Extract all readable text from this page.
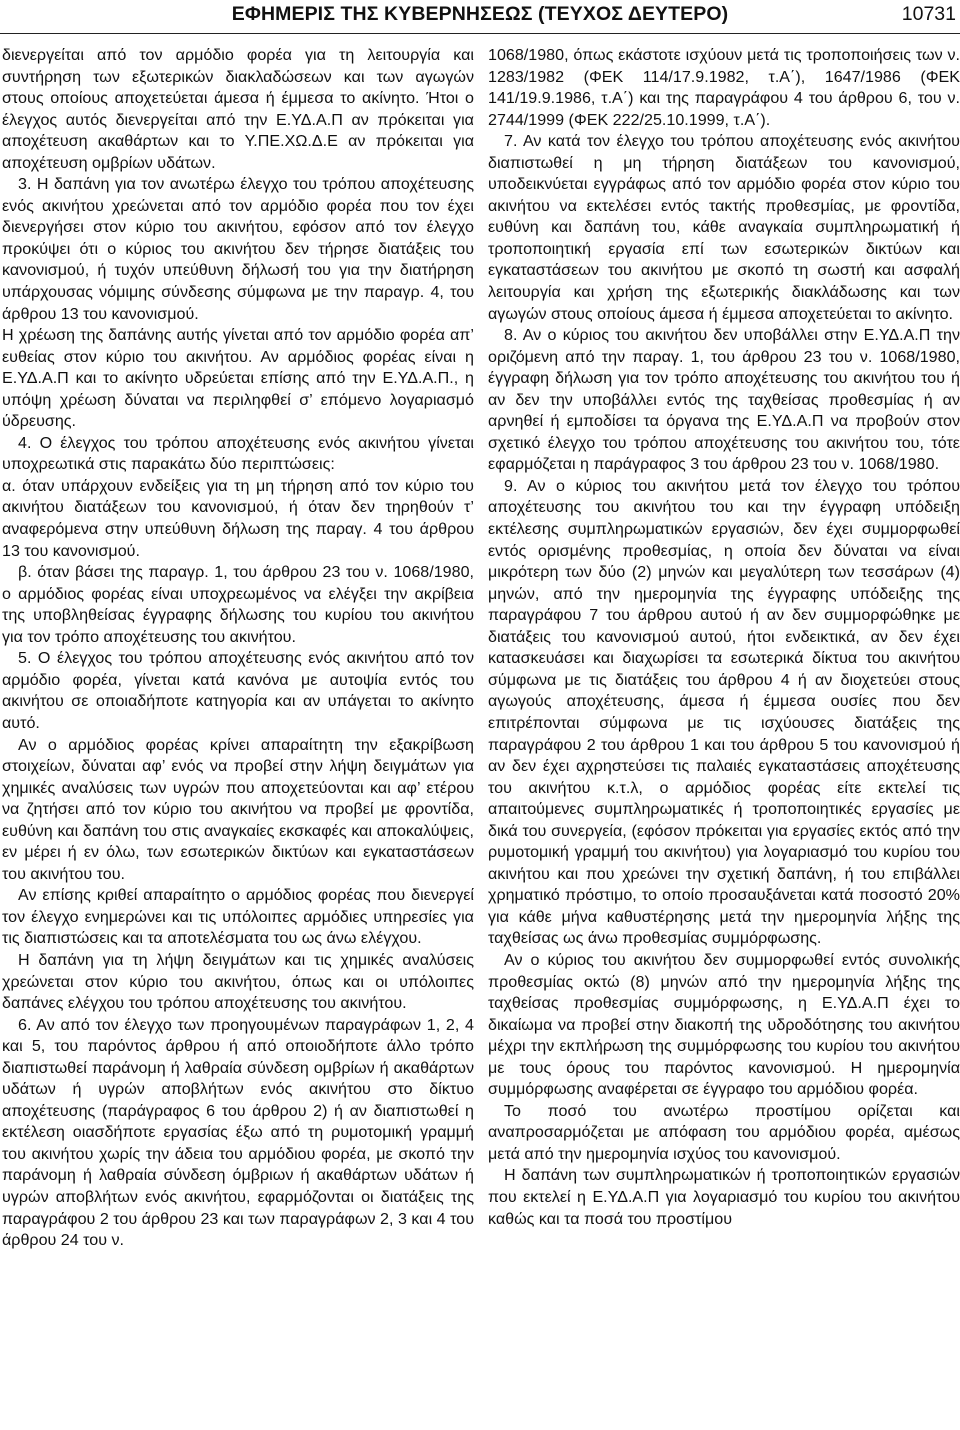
ΕΦΗΜΕΡΙΣ ΤΗΣ ΚΥΒΕΡΝΗΣΕΩΣ (ΤΕΥΧΟΣ ΔΕΥΤΕΡΟ)	10731

διενεργείται από τον αρμόδιο φορέα για τη λειτουργία και συντήρηση των εξωτερικών διακλαδώσεων και των αγωγών στους οποίους αποχετεύεται άμεσα ή έμμεσα το ακίνητο. Ήτοι ο έλεγχος αυτός διενεργείται από την Ε.ΥΔ.Α.Π αν πρόκειται για αποχέτευση ακαθάρτων και το Υ.ΠΕ.ΧΩ.Δ.Ε αν πρόκειται για αποχέτευση ομβρίων υδάτων.

3. Η δαπάνη για τον ανωτέρω έλεγχο του τρόπου αποχέτευσης ενός ακινήτου χρεώνεται από τον αρμόδιο φορέα που τον έχει διενεργήσει στον κύριο του ακινήτου, εφόσον από τον έλεγχο προκύψει ότι ο κύριος του ακινήτου δεν τήρησε διατάξεις του κανονισμού, ή τυχόν υπεύθυνη δήλωσή του για την διατήρηση υπάρχουσας νόμιμης σύνδεσης σύμφωνα με την παραγρ. 4, του άρθρου 13 του κανονισμού.

Η χρέωση της δαπάνης αυτής γίνεται από τον αρμόδιο φορέα απ’ ευθείας στον κύριο του ακινήτου. Αν αρμόδιος φορέας είναι η Ε.ΥΔ.Α.Π και το ακίνητο υδρεύεται επίσης από την Ε.ΥΔ.Α.Π., η υπόψη χρέωση δύναται να περιληφθεί σ’ επόμενο λογαριασμό ύδρευσης.

4. Ο έλεγχος του τρόπου αποχέτευσης ενός ακινήτου γίνεται υποχρεωτικά στις παρακάτω δύο περιπτώσεις:

α. όταν υπάρχουν ενδείξεις για τη μη τήρηση από τον κύριο του ακινήτου διατάξεων του κανονισμού, ή όταν δεν τηρηθούν τ’ αναφερόμενα στην υπεύθυνη δήλωση της παραγ. 4 του άρθρου 13 του κανονισμού.

β. όταν βάσει της παραγρ. 1, του άρθρου 23 του ν. 1068/1980, ο αρμόδιος φορέας είναι υποχρεωμένος να ελέγξει την ακρίβεια της υποβληθείσας έγγραφης δήλωσης του κυρίου του ακινήτου για τον τρόπο αποχέτευσης του ακινήτου.

5. Ο έλεγχος του τρόπου αποχέτευσης ενός ακινήτου από τον αρμόδιο φορέα, γίνεται κατά κανόνα με αυτοψία εντός του ακινήτου σε οποιαδήποτε κατηγορία και αν υπάγεται το ακίνητο αυτό.

Αν ο αρμόδιος φορέας κρίνει απαραίτητη την εξακρίβωση στοιχείων, δύναται αφ’ ενός να προβεί στην λήψη δειγμάτων για χημικές αναλύσεις των υγρών που αποχετεύονται και αφ’ ετέρου να ζητήσει από τον κύριο του ακινήτου να προβεί με φροντίδα, ευθύνη και δαπάνη του στις αναγκαίες εκσκαφές και αποκαλύψεις, εν μέρει ή εν όλω, των εσωτερικών δικτύων και εγκαταστάσεων του ακινήτου του.

Αν επίσης κριθεί απαραίτητο ο αρμόδιος φορέας που διενεργεί τον έλεγχο ενημερώνει και τις υπόλοιπες αρμόδιες υπηρεσίες για τις διαπιστώσεις και τα αποτελέσματα του ως άνω ελέγχου.

Η δαπάνη για τη λήψη δειγμάτων και τις χημικές αναλύσεις χρεώνεται στον κύριο του ακινήτου, όπως και οι υπόλοιπες δαπάνες ελέγχου του τρόπου αποχέτευσης του ακινήτου.

6. Αν από τον έλεγχο των προηγουμένων παραγράφων 1, 2, 4 και 5, του παρόντος άρθρου ή από οποιοδήποτε άλλο τρόπο διαπιστωθεί παράνομη ή λαθραία σύνδεση ομβρίων ή ακαθάρτων υδάτων ή υγρών αποβλήτων ενός ακινήτου στο δίκτυο αποχέτευσης (παράγραφος 6 του άρθρου 2) ή αν διαπιστωθεί η εκτέλεση οιασδήποτε εργασίας έξω από τη ρυμοτομική γραμμή του ακινήτου χωρίς την άδεια του αρμόδιου φορέα, με σκοπό την παράνομη ή λαθραία σύνδεση όμβριων ή ακαθάρτων υδάτων ή υγρών αποβλήτων ενός ακινήτου, εφαρμόζονται οι διατάξεις της παραγράφου 2 του άρθρου 23 και των παραγράφων 2, 3 και 4 του άρθρου 24 του ν.

1068/1980, όπως εκάστοτε ισχύουν μετά τις τροποποιήσεις των ν. 1283/1982 (ΦΕΚ 114/17.9.1982, τ.Α΄), 1647/1986 (ΦΕΚ 141/19.9.1986, τ.Α΄) και της παραγράφου 4 του άρθρου 6, του ν. 2744/1999 (ΦΕΚ 222/25.10.1999, τ.Α΄).

7. Αν κατά τον έλεγχο του τρόπου αποχέτευσης ενός ακινήτου διαπιστωθεί η μη τήρηση διατάξεων του κανονισμού, υποδεικνύεται εγγράφως από τον αρμόδιο φορέα στον κύριο του ακινήτου να εκτελέσει εντός τακτής προθεσμίας, με φροντίδα, ευθύνη και δαπάνη του, κάθε αναγκαία συμπληρωματική ή τροποποιητική εργασία επί των εσωτερικών δικτύων και εγκαταστάσεων του ακινήτου με σκοπό τη σωστή και ασφαλή λειτουργία και χρήση της εξωτερικής διακλάδωσης και των αγωγών στους οποίους άμεσα ή έμμεσα αποχετεύεται το ακίνητο.

8. Αν ο κύριος του ακινήτου δεν υποβάλλει στην Ε.ΥΔ.Α.Π την οριζόμενη από την παραγ. 1, του άρθρου 23 του ν. 1068/1980, έγγραφη δήλωση για τον τρόπο αποχέτευσης του ακινήτου του ή αν δεν την υποβάλλει εντός της ταχθείσας προθεσμίας ή αν αρνηθεί ή εμποδίσει τα όργανα της Ε.ΥΔ.Α.Π να προβούν στον σχετικό έλεγχο του τρόπου αποχέτευσης του ακινήτου του, τότε εφαρμόζεται η παράγραφος 3 του άρθρου 23 του ν. 1068/1980.

9. Αν ο κύριος του ακινήτου μετά τον έλεγχο του τρόπου αποχέτευσης του ακινήτου του και την έγγραφη υπόδειξη εκτέλεσης συμπληρωματικών εργασιών, δεν έχει συμμορφωθεί εντός ορισμένης προθεσμίας, η οποία δεν δύναται να είναι μικρότερη των δύο (2) μηνών και μεγαλύτερη των τεσσάρων (4) μηνών, από την ημερομηνία της έγγραφης υπόδειξης της παραγράφου 7 του άρθρου αυτού ή αν δεν συμμορφώθηκε με διατάξεις του κανονισμού αυτού, ήτοι ενδεικτικά, αν δεν έχει κατασκευάσει και διαχωρίσει τα εσωτερικά δίκτυα του ακινήτου σύμφωνα με τις διατάξεις του άρθρου 4 ή αν διοχετεύει στους αγωγούς αποχέτευσης, άμεσα ή έμμεσα ουσίες που δεν επιτρέπονται σύμφωνα με τις ισχύουσες διατάξεις της παραγράφου 2 του άρθρου 1 και του άρθρου 5 του κανονισμού ή αν δεν έχει αχρηστεύσει τις παλαιές εγκαταστάσεις αποχέτευσης του ακινήτου κ.τ.λ, ο αρμόδιος φορέας είτε εκτελεί τις απαιτούμενες συμπληρωματικές ή τροποποιητικές εργασίες με δικά του συνεργεία, (εφόσον πρόκειται για εργασίες εκτός από την ρυμοτομική γραμμή του ακινήτου) για λογαριασμό του κυρίου του ακινήτου και που χρεώνει την σχετική δαπάνη, ή του επιβάλλει χρηματικό πρόστιμο, το οποίο προσαυξάνεται κατά ποσοστό 20% για κάθε μήνα καθυστέρησης μετά την ημερομηνία λήξης της ταχθείσας ως άνω προθεσμίας συμμόρφωσης.

Αν ο κύριος του ακινήτου δεν συμμορφωθεί εντός συνολικής προθεσμίας οκτώ (8) μηνών από την ημερομηνία λήξης της ταχθείσας προθεσμίας συμμόρφωσης, η Ε.ΥΔ.Α.Π έχει το δικαίωμα να προβεί στην διακοπή της υδροδότησης του ακινήτου μέχρι την εκπλήρωση της συμμόρφωσης του κυρίου του ακινήτου με τους όρους του παρόντος κανονισμού. Η ημερομηνία συμμόρφωσης αναφέρεται σε έγγραφο του αρμόδιου φορέα.

Το ποσό του ανωτέρω προστίμου ορίζεται και αναπροσαρμόζεται με απόφαση του αρμόδιου φορέα, αμέσως μετά από την ημερομηνία ισχύος του κανονισμού.

Η δαπάνη των συμπληρωματικών ή τροποποιητικών εργασιών που εκτελεί η Ε.ΥΔ.Α.Π για λογαριασμό του κυρίου του ακινήτου καθώς και τα ποσά του προστίμου
